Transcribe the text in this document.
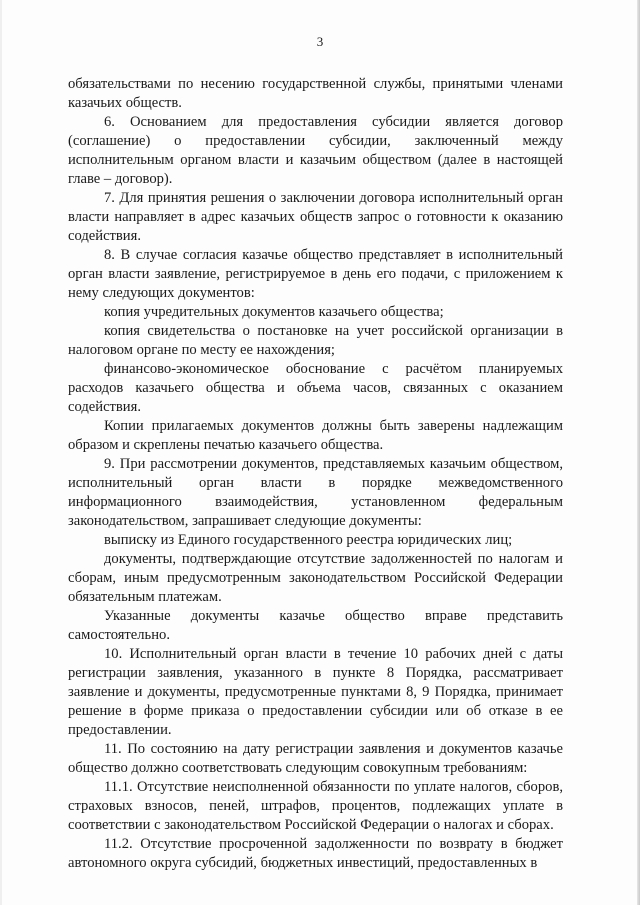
3

обязательствами по несению государственной службы, принятыми членами казачьих обществ.

6. Основанием для предоставления субсидии является договор (соглашение) о предоставлении субсидии, заключенный между исполнительным органом власти и казачьим обществом (далее в настоящей главе – договор).

7. Для принятия решения о заключении договора исполнительный орган власти направляет в адрес казачьих обществ запрос о готовности к оказанию содействия.

8. В случае согласия казачье общество представляет в исполнительный орган власти заявление, регистрируемое в день его подачи, с приложением к нему следующих документов:

копия учредительных документов казачьего общества;

копия свидетельства о постановке на учет российской организации в налоговом органе по месту ее нахождения;

финансово-экономическое обоснование с расчётом планируемых расходов казачьего общества и объема часов, связанных с оказанием содействия.

Копии прилагаемых документов должны быть заверены надлежащим образом и скреплены печатью казачьего общества.

9. При рассмотрении документов, представляемых казачьим обществом, исполнительный орган власти в порядке межведомственного информационного взаимодействия, установленном федеральным законодательством, запрашивает следующие документы:

выписку из Единого государственного реестра юридических лиц;

документы, подтверждающие отсутствие задолженностей по налогам и сборам, иным предусмотренным законодательством Российской Федерации обязательным платежам.

Указанные документы казачье общество вправе представить самостоятельно.

10. Исполнительный орган власти в течение 10 рабочих дней с даты регистрации заявления, указанного в пункте 8 Порядка, рассматривает заявление и документы, предусмотренные пунктами 8, 9 Порядка, принимает решение в форме приказа о предоставлении субсидии или об отказе в ее предоставлении.

11. По состоянию на дату регистрации заявления и документов казачье общество должно соответствовать следующим совокупным требованиям:

11.1. Отсутствие неисполненной обязанности по уплате налогов, сборов, страховых взносов, пеней, штрафов, процентов, подлежащих уплате в соответствии с законодательством Российской Федерации о налогах и сборах.

11.2. Отсутствие просроченной задолженности по возврату в бюджет автономного округа субсидий, бюджетных инвестиций, предоставленных в
